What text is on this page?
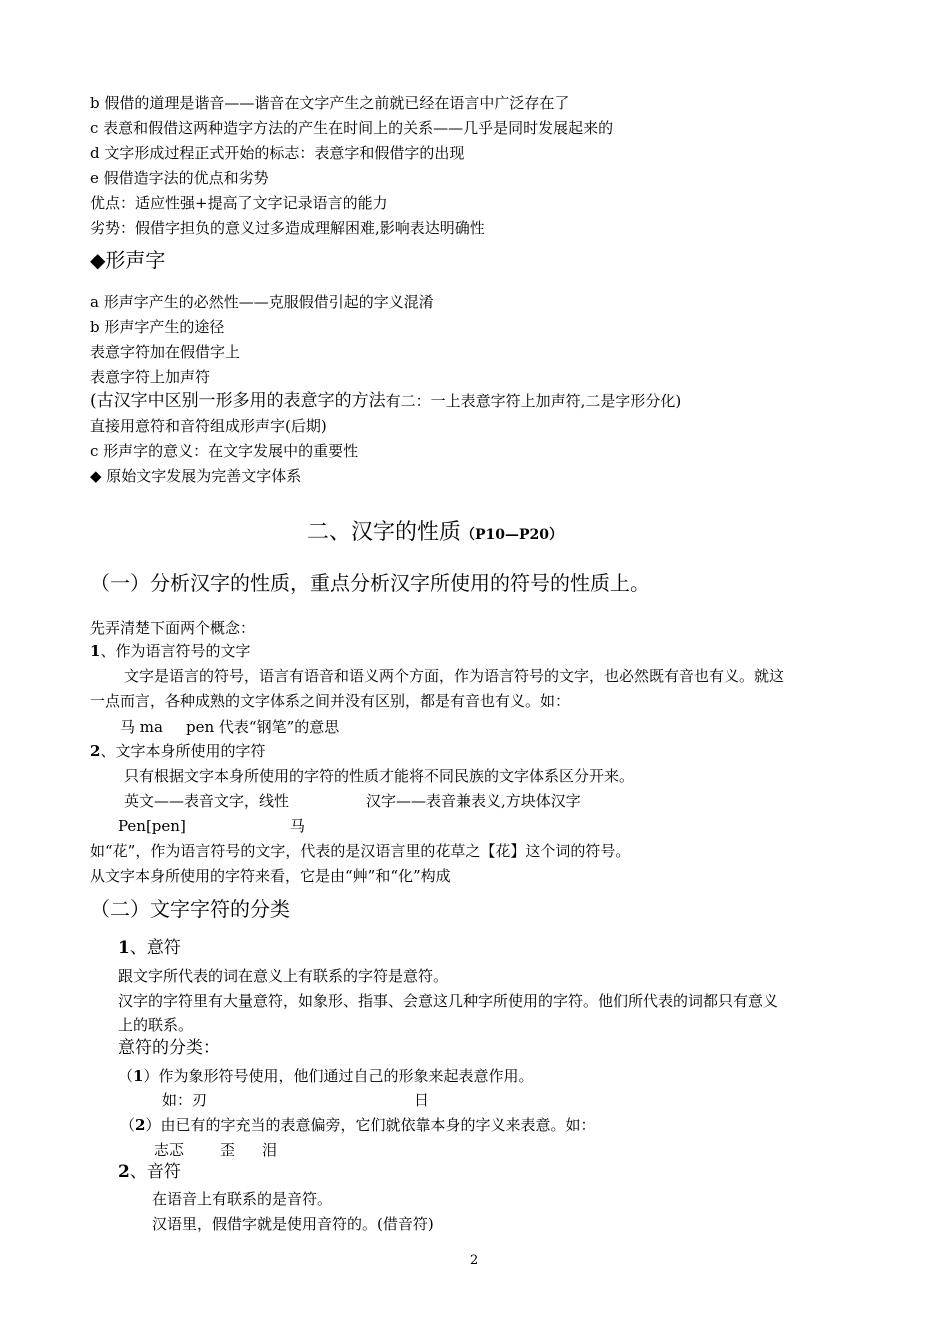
b 假借的道理是谐音——谐音在文字产生之前就已经在语言中广泛存在了
c 表意和假借这两种造字方法的产生在时间上的关系——几乎是同时发展起来的
d 文字形成过程正式开始的标志：表意字和假借字的出现
e 假借造字法的优点和劣势
优点：适应性强+提高了文字记录语言的能力
劣势：假借字担负的意义过多造成理解困难,影响表达明确性
◆形声字
a 形声字产生的必然性——克服假借引起的字义混淆
b 形声字产生的途径
表意字符加在假借字上
表意字符上加声符
(古汉字中区别一形多用的表意字的方法有二：一上表意字符上加声符,二是字形分化)
直接用意符和音符组成形声字(后期)
c 形声字的意义：在文字发展中的重要性
◆ 原始文字发展为完善文字体系
二、汉字的性质（P10—P20）
（一）分析汉字的性质，重点分析汉字所使用的符号的性质上。
先弄清楚下面两个概念：
1、作为语言符号的文字
文字是语言的符号，语言有语音和语义两个方面，作为语言符号的文字，也必然既有音也有义。就这
一点而言，各种成熟的文字体系之间并没有区别，都是有音也有义。如：
马 ma pen 代表“钢笔”的意思
2、文字本身所使用的字符
只有根据文字本身所使用的字符的性质才能将不同民族的文字体系区分开来。
英文——表音文字，线性	汉字——表音兼表义,方块体汉字
Pen[pen]	马
如“花”，作为语言符号的文字，代表的是汉语言里的花草之【花】这个词的符号。
从文字本身所使用的字符来看，它是由“艸”和“化”构成
（二）文字字符的分类
1、意符
跟文字所代表的词在意义上有联系的字符是意符。
汉字的字符里有大量意符，如象形、指事、会意这几种字所使用的字符。他们所代表的词都只有意义
上的联系。
意符的分类：
（1）作为象形符号使用，他们通过自己的形象来起表意作用。
如：刃	日
（2）由已有的字充当的表意偏旁，它们就依靠本身的字义来表意。如：
志忑 歪 泪
2、音符
在语音上有联系的是音符。
汉语里，假借字就是使用音符的。(借音符)
2
